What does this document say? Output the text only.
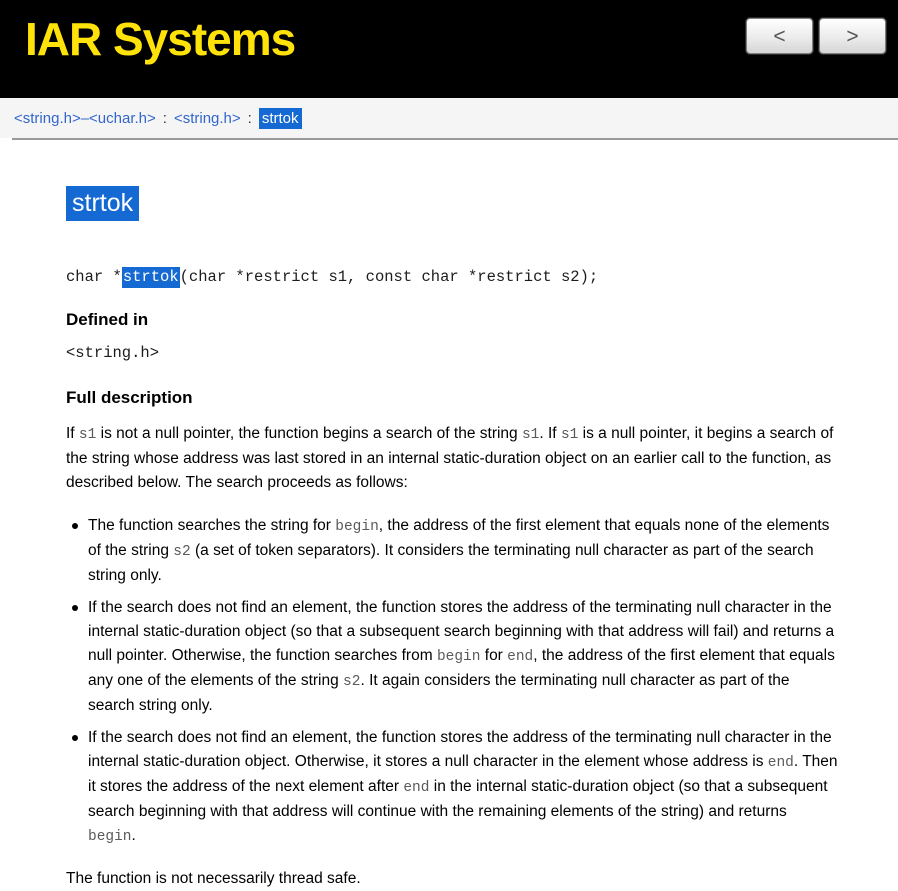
IAR Systems	<	>
<string.h>–<uchar.h> : <string.h> : strtok
strtok
char *strtok(char *restrict s1, const char *restrict s2);
Defined in
<string.h>
Full description

If s1 is not a null pointer, the function begins a search of the string s1. If s1 is a null pointer, it begins a search of the string whose address was last stored in an internal static-duration object on an earlier call to the function, as described below. The search proceeds as follows:

The function searches the string for begin, the address of the first element that equals none of the elements of the string s2 (a set of token separators). It considers the terminating null character as part of the search string only.
If the search does not find an element, the function stores the address of the terminating null character in the internal static-duration object (so that a subsequent search beginning with that address will fail) and returns a null pointer. Otherwise, the function searches from begin for end, the address of the first element that equals any one of the elements of the string s2. It again considers the terminating null character as part of the search string only.
If the search does not find an element, the function stores the address of the terminating null character in the internal static-duration object. Otherwise, it stores a null character in the element whose address is end. Then it stores the address of the next element after end in the internal static-duration object (so that a subsequent search beginning with that address will continue with the remaining elements of the string) and returns begin.

The function is not necessarily thread safe.
